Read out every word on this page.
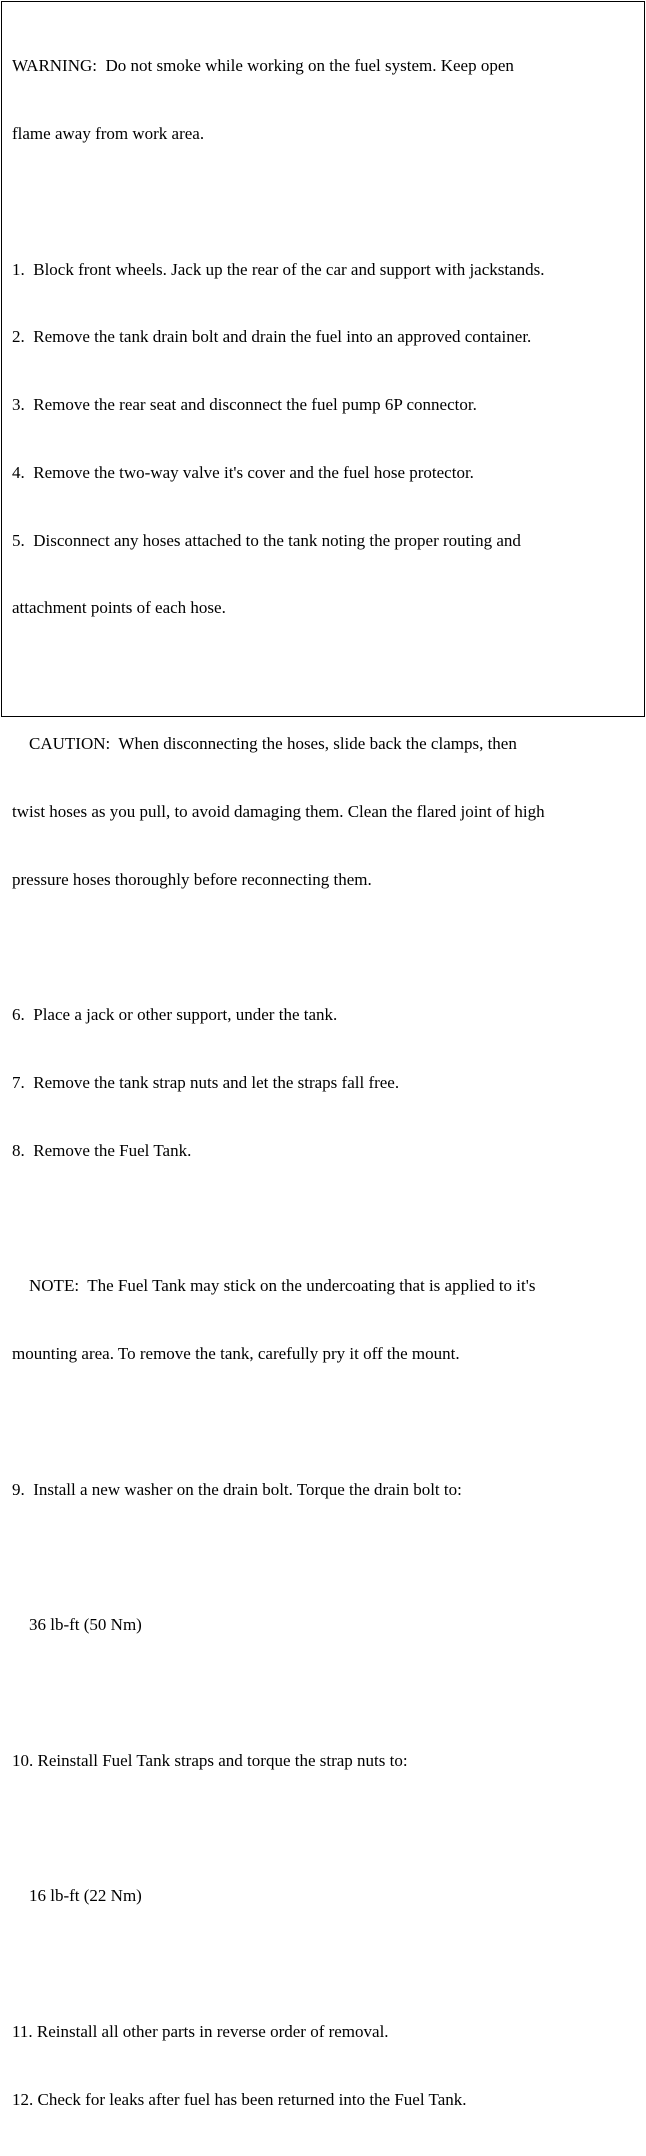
WARNING:  Do not smoke while working on the fuel system. Keep open

flame away from work area.

1.  Block front wheels. Jack up the rear of the car and support with jackstands.

2.  Remove the tank drain bolt and drain the fuel into an approved container.

3.  Remove the rear seat and disconnect the fuel pump 6P connector.

4.  Remove the two-way valve it's cover and the fuel hose protector.

5.  Disconnect any hoses attached to the tank noting the proper routing and

attachment points of each hose.

CAUTION:  When disconnecting the hoses, slide back the clamps, then

twist hoses as you pull, to avoid damaging them. Clean the flared joint of high

pressure hoses thoroughly before reconnecting them.

6.  Place a jack or other support, under the tank.

7.  Remove the tank strap nuts and let the straps fall free.

8.  Remove the Fuel Tank.

NOTE:  The Fuel Tank may stick on the undercoating that is applied to it's

mounting area. To remove the tank, carefully pry it off the mount.

9.  Install a new washer on the drain bolt. Torque the drain bolt to:

36 lb-ft (50 Nm)

10. Reinstall Fuel Tank straps and torque the strap nuts to:

16 lb-ft (22 Nm)

11. Reinstall all other parts in reverse order of removal.

12. Check for leaks after fuel has been returned into the Fuel Tank.
